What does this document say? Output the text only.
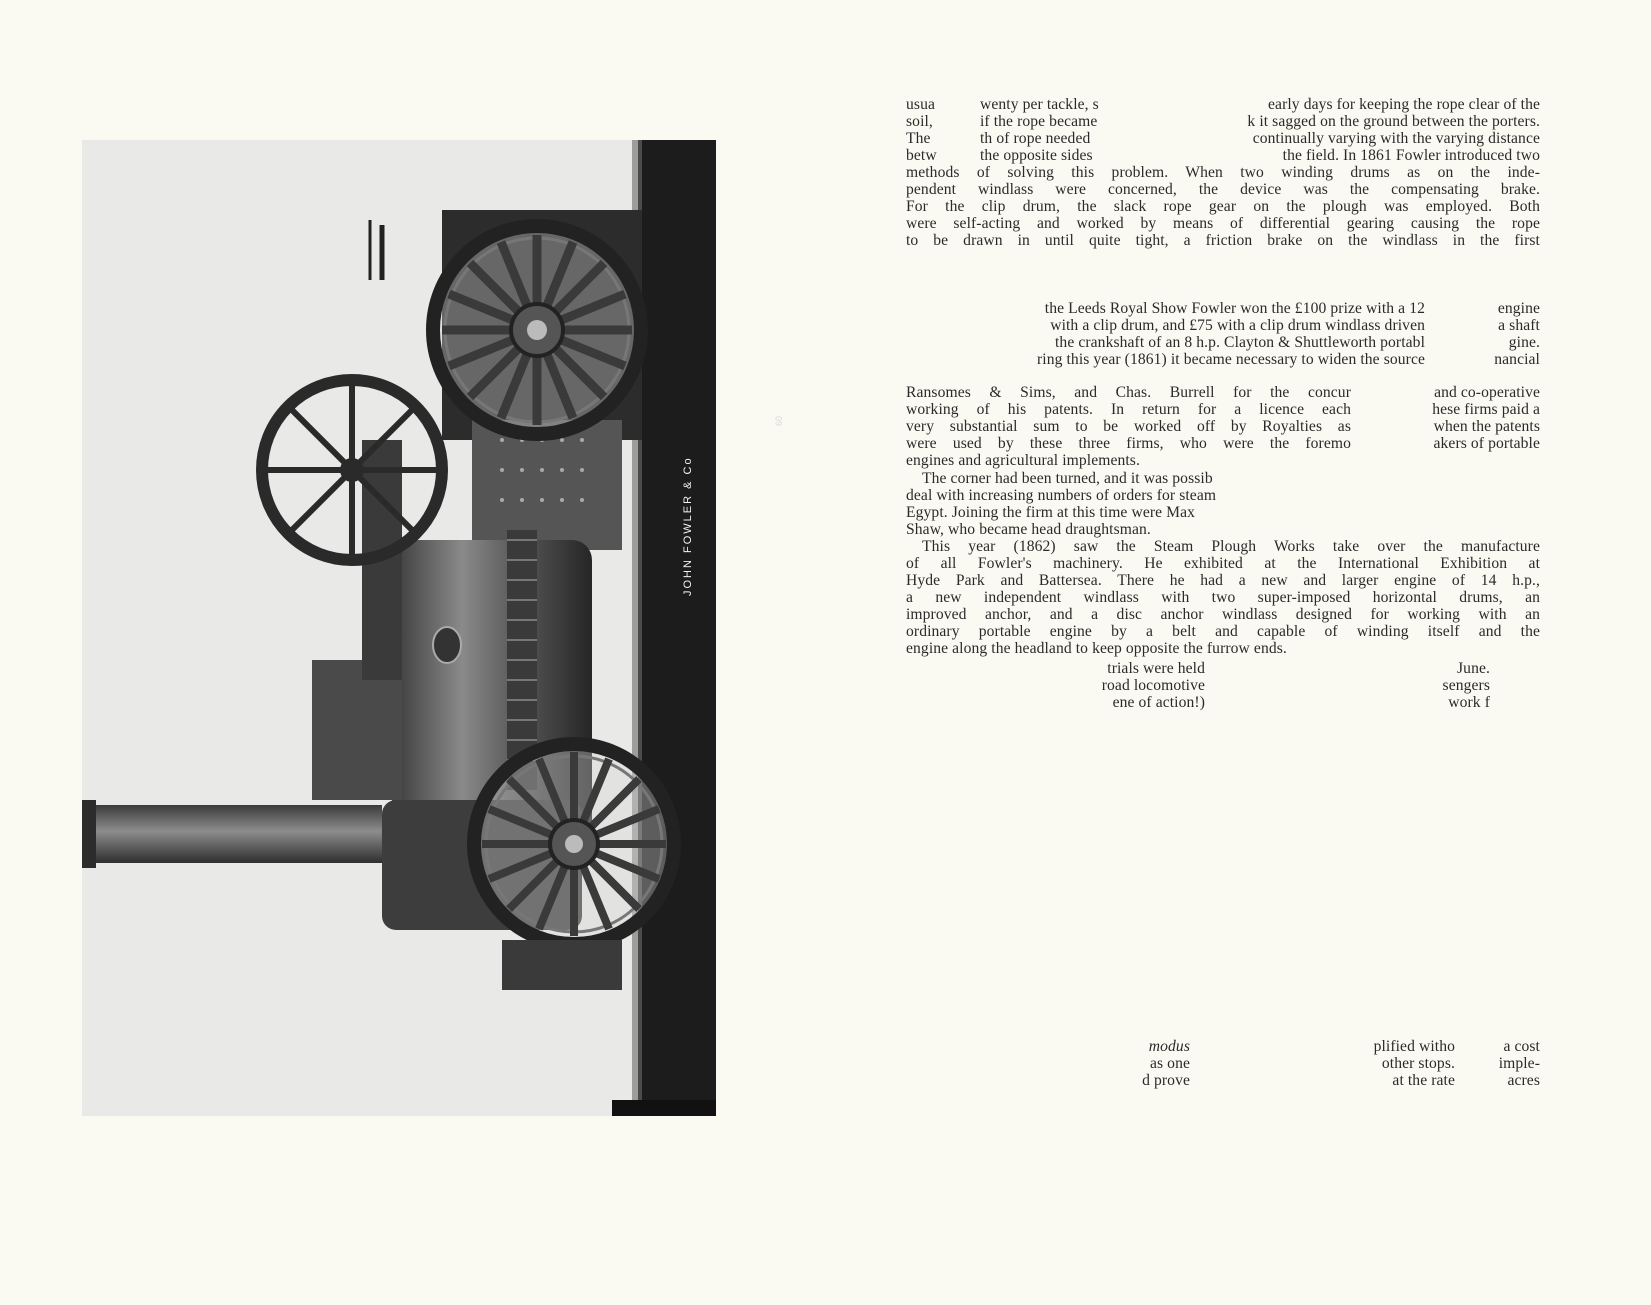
60
JOHN FOWLER & Co
usua
soil,
The
betw
wenty per tackle, s
if the rope became
th of rope needed
the opposite sides
early days for keeping the rope clear of the
k it sagged on the ground between the porters.
continually varying with the varying distance
the field. In 1861 Fowler introduced two
methods of solving this problem. When two winding drums as on the inde-
pendent windlass were concerned, the device was the compensating brake.
For the clip drum, the slack rope gear on the plough was employed. Both
were self-acting and worked by means of differential gearing causing the rope
to be drawn in until quite tight, a friction brake on the windlass in the first
the Leeds Royal Show Fowler won the £100 prize with a 12
with a clip drum, and £75 with a clip drum windlass driven
the crankshaft of an 8 h.p. Clayton & Shuttleworth portabl
ring this year (1861) it became necessary to widen the source
engine
a shaft
gine.
nancial
Ransomes & Sims, and Chas. Burrell for the concur
working of his patents. In return for a licence each
very substantial sum to be worked off by Royalties as
were used by these three firms, who were the foremo
engines and agricultural implements.
and co-operative
hese firms paid a
when the patents
akers of portable
The corner had been turned, and it was possib
deal with increasing numbers of orders for steam
Egypt. Joining the firm at this time were Max
Shaw, who became head draughtsman.
This year (1862) saw the Steam Plough Works take over the manufacture
of all Fowler's machinery. He exhibited at the International Exhibition at
Hyde Park and Battersea. There he had a new and larger engine of 14 h.p.,
a new independent windlass with two super-imposed horizontal drums, an
improved anchor, and a disc anchor windlass designed for working with an
ordinary portable engine by a belt and capable of winding itself and the
engine along the headland to keep opposite the furrow ends.
trials were held
road locomotive
ene of action!)
June.
sengers
work f
modus
as one
d prove
plified witho
other stops.
at the rate
a cost
imple-
acres
